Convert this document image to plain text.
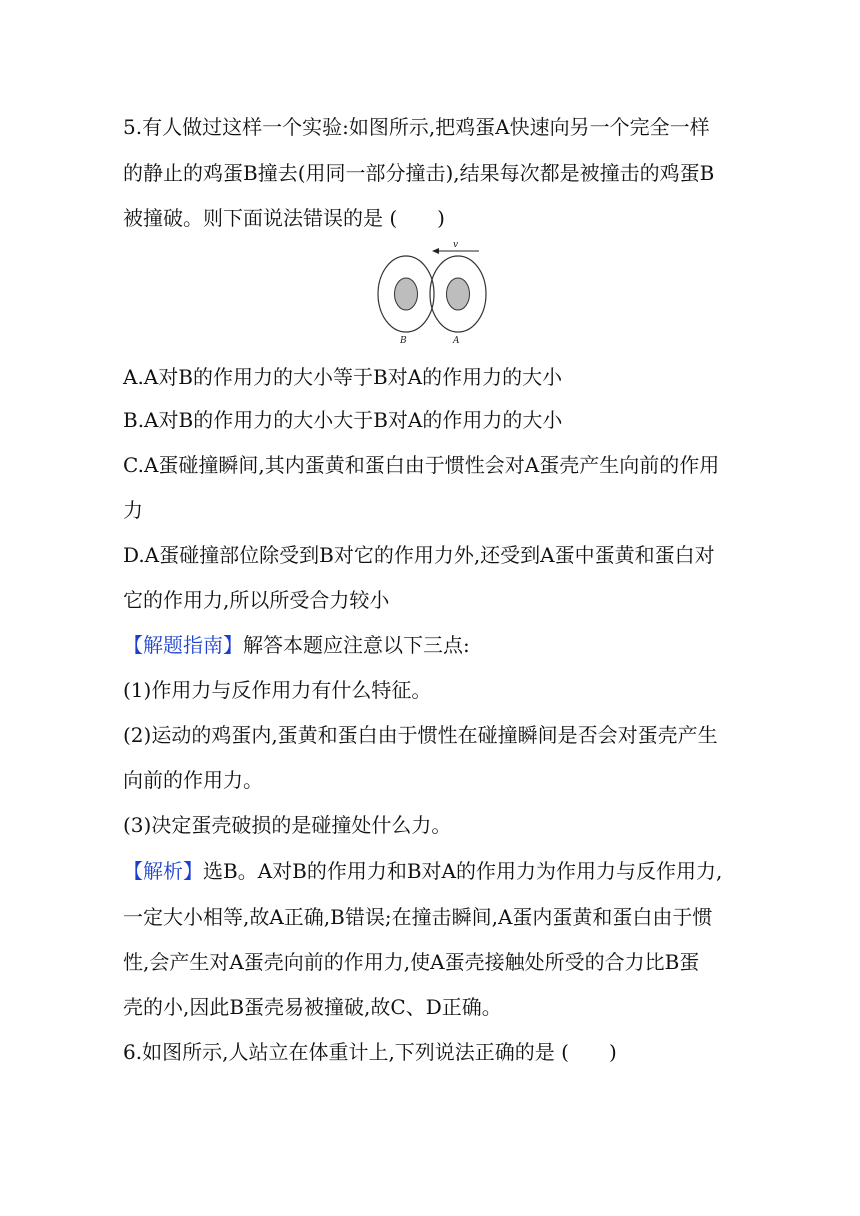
5.有人做过这样一个实验:如图所示,把鸡蛋A快速向另一个完全一样
的静止的鸡蛋B撞去(用同一部分撞击),结果每次都是被撞击的鸡蛋B
被撞破。则下面说法错误的是 (　　)
v
B	A
A.A对B的作用力的大小等于B对A的作用力的大小
B.A对B的作用力的大小大于B对A的作用力的大小
C.A蛋碰撞瞬间,其内蛋黄和蛋白由于惯性会对A蛋壳产生向前的作用
力
D.A蛋碰撞部位除受到B对它的作用力外,还受到A蛋中蛋黄和蛋白对
它的作用力,所以所受合力较小
【解题指南】解答本题应注意以下三点:
(1)作用力与反作用力有什么特征。
(2)运动的鸡蛋内,蛋黄和蛋白由于惯性在碰撞瞬间是否会对蛋壳产生
向前的作用力。
(3)决定蛋壳破损的是碰撞处什么力。
【解析】选B。A对B的作用力和B对A的作用力为作用力与反作用力,
一定大小相等,故A正确,B错误;在撞击瞬间,A蛋内蛋黄和蛋白由于惯
性,会产生对A蛋壳向前的作用力,使A蛋壳接触处所受的合力比B蛋
壳的小,因此B蛋壳易被撞破,故C、D正确。
6.如图所示,人站立在体重计上,下列说法正确的是 (　　)
